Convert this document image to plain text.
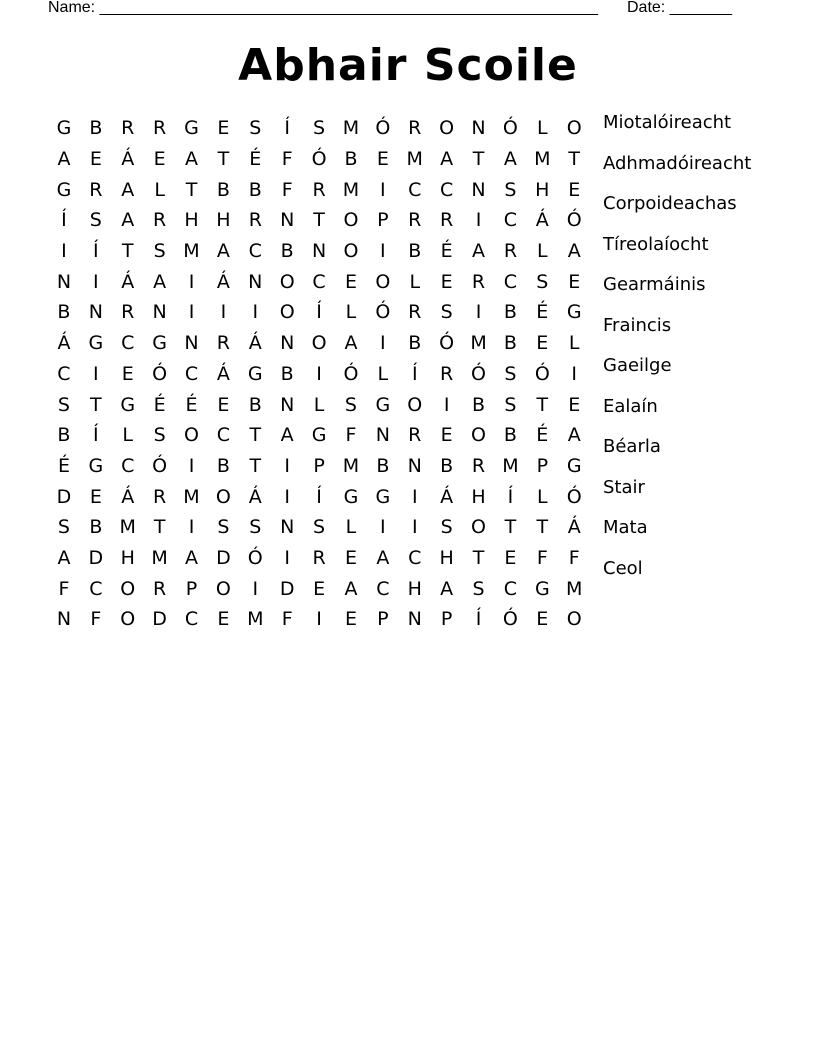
Name: ________________________________________________________ Date: _______
Abhair Scoile
G B R R G E	S	Í	S M Ó R O N Ó	L	O
A	E	Á	E	A	T	É	F Ó B	E M A	T	A M T
G R A	L	T	B B	F	R M	I	C C N S H E
Í	S	A R H H R N T O P	R R	I	C Á Ó
I	Í	T	S M A C B N O	I	B	É	A R	L	A
N	I	Á A	I	Á N O C	E O	L	E	R C	S	E
B N R N	I	I	I	O	Í	L	Ó R	S	I	B	É G
Á G C G N R Á N O A	I	B Ó M B	E	L
C	I	E Ó C Á G B	I	Ó	L	Í	R Ó S Ó	I
S	T G É	É	E	B N	L	S G O	I	B	S	T	E
B	Í	L	S O C	T	A G	F	N R	E O B	É	A
É G C Ó	I	B	T	I	P M B N B R M P G
D E	Á R M O Á	I	Í	G G	I	Á H	Í	L	Ó
S	B M T	I	S	S N S	L	I	I	S O T	T	Á
A D H M A D Ó	I	R	E	A C H T	E	F	F
F	C O R	P O	I	D E	A C H A	S	C G M
N	F O D C	E M F	I	E	P	N	P	Í	Ó E O
Miotalóireacht
Adhmadóireacht
Corpoideachas
Tíreolaíocht
Gearmáinis
Fraincis
Gaeilge
Ealaín
Béarla
Stair
Mata
Ceol
